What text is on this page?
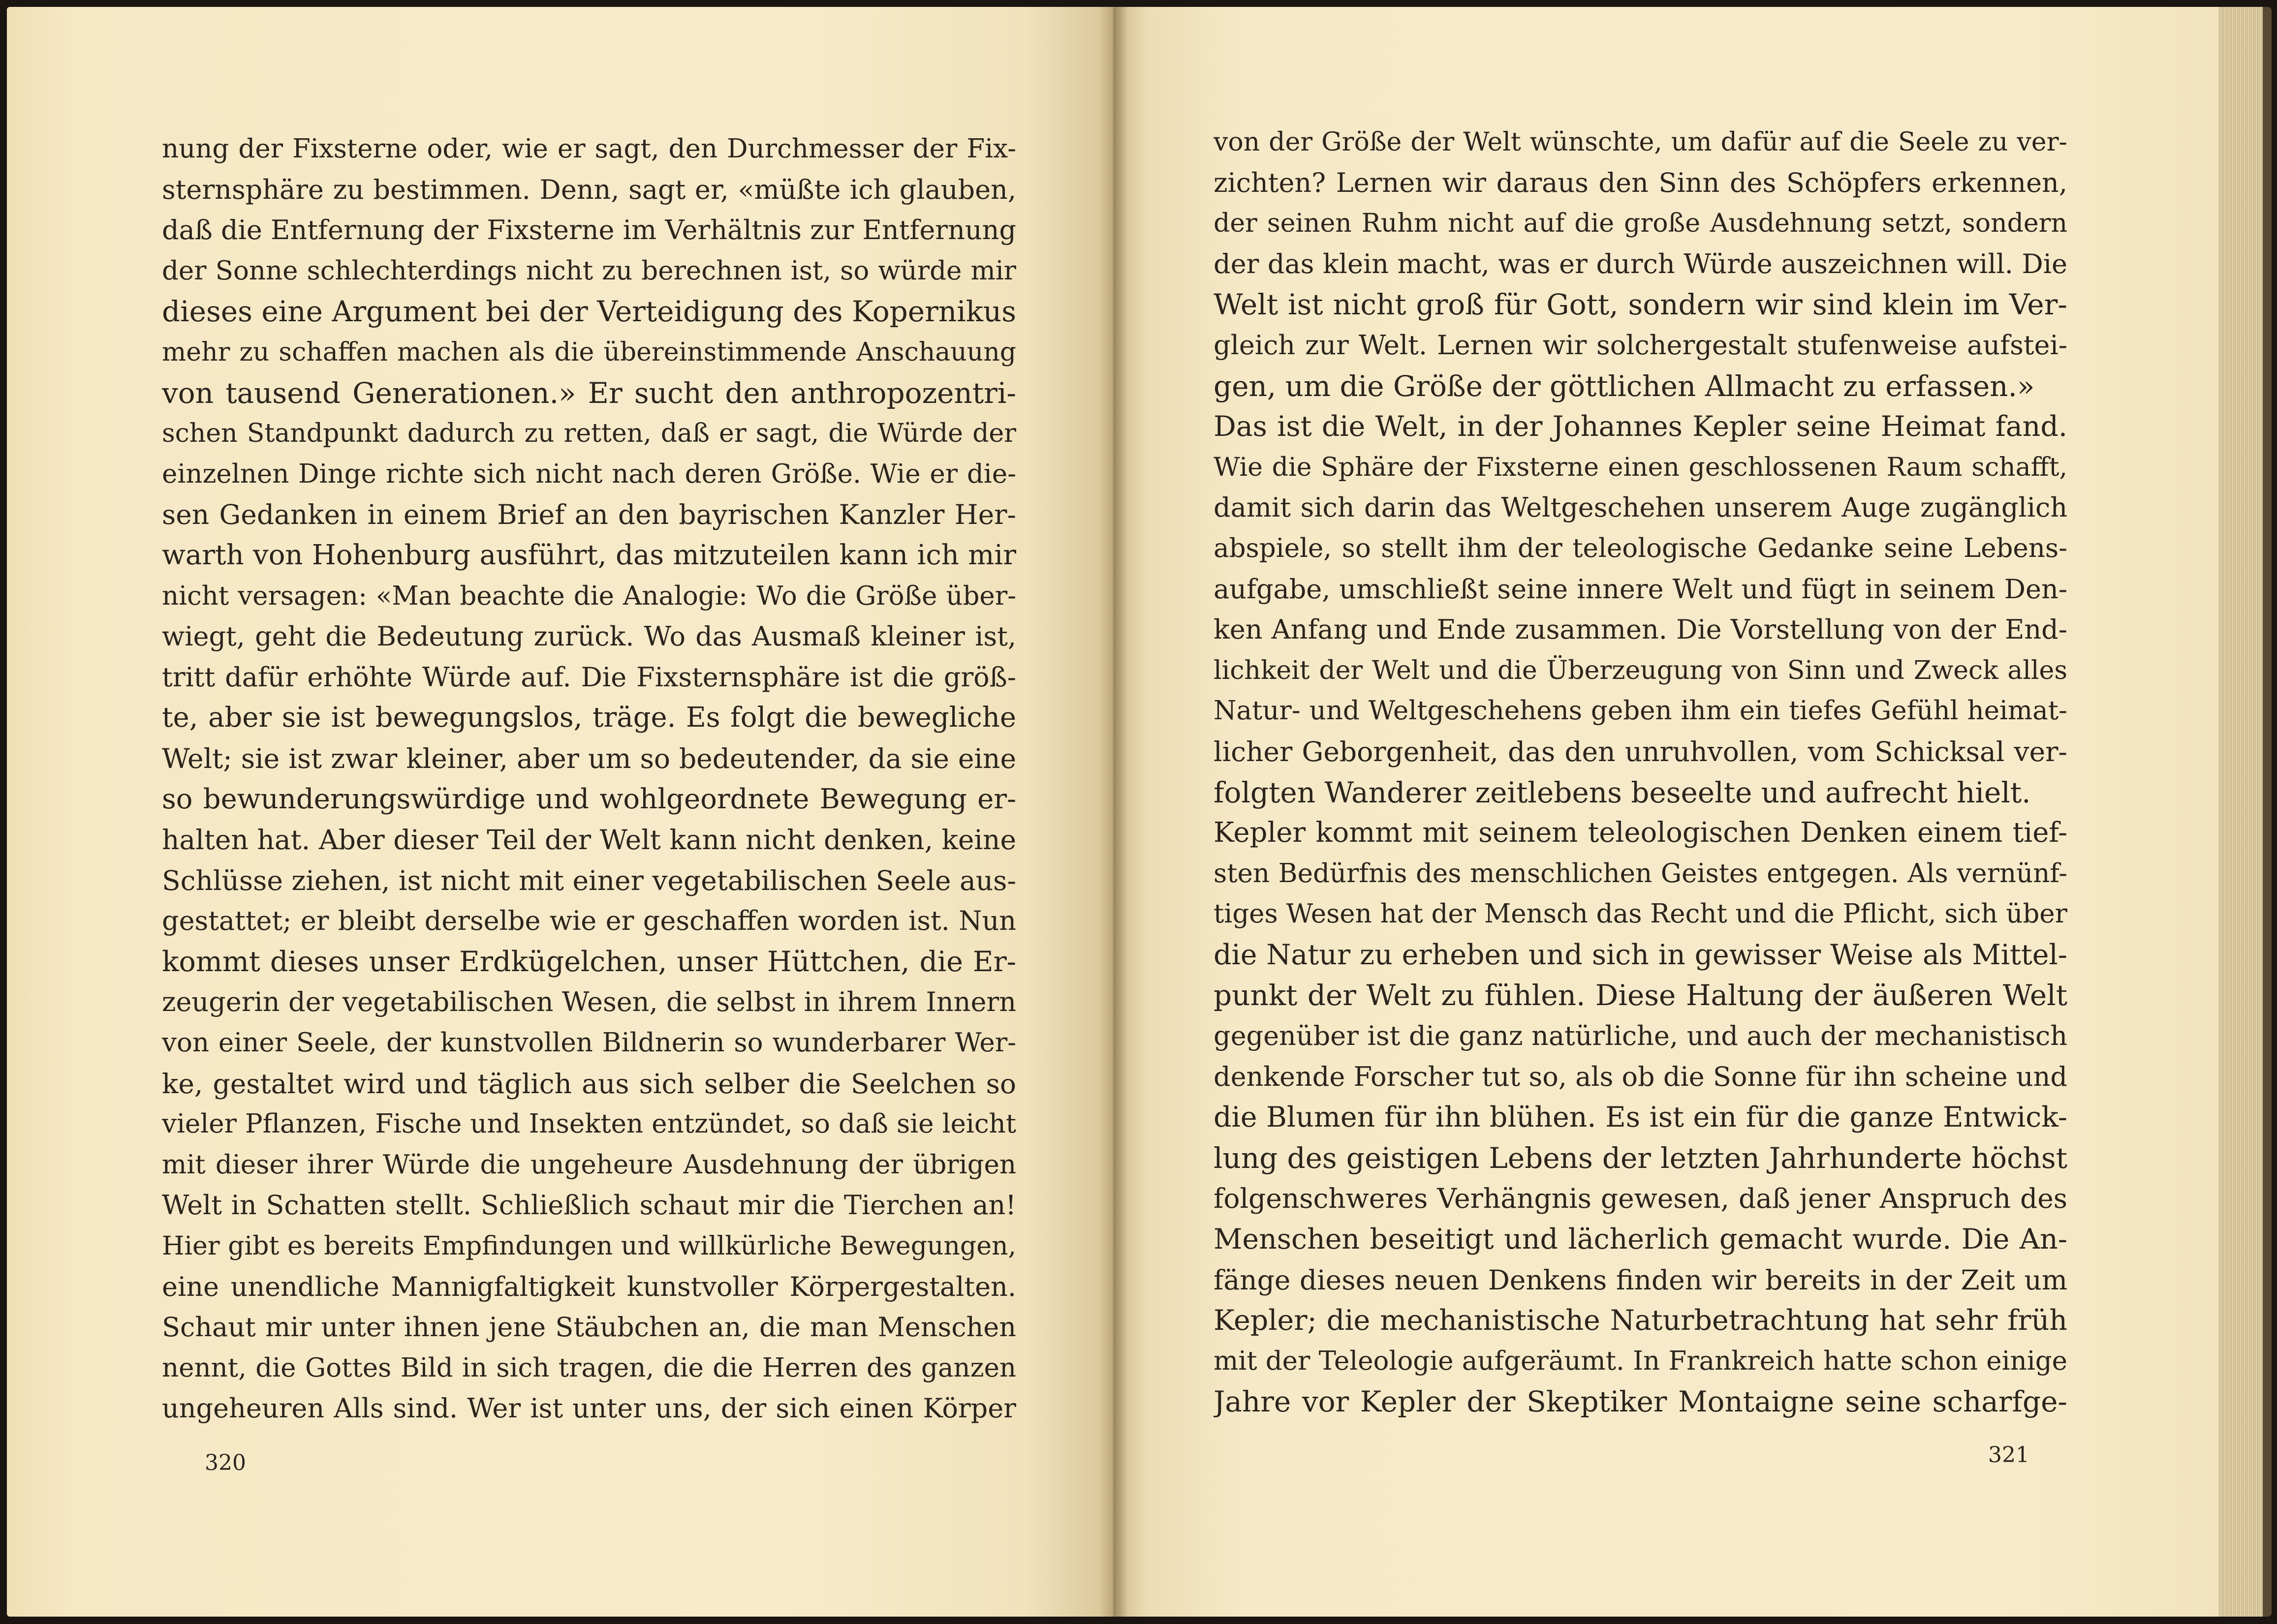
nung der Fixsterne oder, wie er sagt, den Durchmesser der Fix-
sternsphäre zu bestimmen. Denn, sagt er, «müßte ich glauben,
daß die Entfernung der Fixsterne im Verhältnis zur Entfernung
der Sonne schlechterdings nicht zu berechnen ist, so würde mir
dieses eine Argument bei der Verteidigung des Kopernikus
mehr zu schaffen machen als die übereinstimmende Anschauung
von tausend Generationen.» Er sucht den anthropozentri-
schen Standpunkt dadurch zu retten, daß er sagt, die Würde der
einzelnen Dinge richte sich nicht nach deren Größe. Wie er die-
sen Gedanken in einem Brief an den bayrischen Kanzler Her-
warth von Hohenburg ausführt, das mitzuteilen kann ich mir
nicht versagen: «Man beachte die Analogie: Wo die Größe über-
wiegt, geht die Bedeutung zurück. Wo das Ausmaß kleiner ist,
tritt dafür erhöhte Würde auf. Die Fixsternsphäre ist die größ-
te, aber sie ist bewegungslos, träge. Es folgt die bewegliche
Welt; sie ist zwar kleiner, aber um so bedeutender, da sie eine
so bewunderungswürdige und wohlgeordnete Bewegung er-
halten hat. Aber dieser Teil der Welt kann nicht denken, keine
Schlüsse ziehen, ist nicht mit einer vegetabilischen Seele aus-
gestattet; er bleibt derselbe wie er geschaffen worden ist. Nun
kommt dieses unser Erdkügelchen, unser Hüttchen, die Er-
zeugerin der vegetabilischen Wesen, die selbst in ihrem Innern
von einer Seele, der kunstvollen Bildnerin so wunderbarer Wer-
ke, gestaltet wird und täglich aus sich selber die Seelchen so
vieler Pflanzen, Fische und Insekten entzündet, so daß sie leicht
mit dieser ihrer Würde die ungeheure Ausdehnung der übrigen
Welt in Schatten stellt. Schließlich schaut mir die Tierchen an!
Hier gibt es bereits Empfindungen und willkürliche Bewegungen,
eine unendliche Mannigfaltigkeit kunstvoller Körpergestalten.
Schaut mir unter ihnen jene Stäubchen an, die man Menschen
nennt, die Gottes Bild in sich tragen, die die Herren des ganzen
ungeheuren Alls sind. Wer ist unter uns, der sich einen Körper
von der Größe der Welt wünschte, um dafür auf die Seele zu ver-
zichten? Lernen wir daraus den Sinn des Schöpfers erkennen,
der seinen Ruhm nicht auf die große Ausdehnung setzt, sondern
der das klein macht, was er durch Würde auszeichnen will. Die
Welt ist nicht groß für Gott, sondern wir sind klein im Ver-
gleich zur Welt. Lernen wir solchergestalt stufenweise aufstei-
gen, um die Größe der göttlichen Allmacht zu erfassen.»
Das ist die Welt, in der Johannes Kepler seine Heimat fand.
Wie die Sphäre der Fixsterne einen geschlossenen Raum schafft,
damit sich darin das Weltgeschehen unserem Auge zugänglich
abspiele, so stellt ihm der teleologische Gedanke seine Lebens-
aufgabe, umschließt seine innere Welt und fügt in seinem Den-
ken Anfang und Ende zusammen. Die Vorstellung von der End-
lichkeit der Welt und die Überzeugung von Sinn und Zweck alles
Natur- und Weltgeschehens geben ihm ein tiefes Gefühl heimat-
licher Geborgenheit, das den unruhvollen, vom Schicksal ver-
folgten Wanderer zeitlebens beseelte und aufrecht hielt.
Kepler kommt mit seinem teleologischen Denken einem tief-
sten Bedürfnis des menschlichen Geistes entgegen. Als vernünf-
tiges Wesen hat der Mensch das Recht und die Pflicht, sich über
die Natur zu erheben und sich in gewisser Weise als Mittel-
punkt der Welt zu fühlen. Diese Haltung der äußeren Welt
gegenüber ist die ganz natürliche, und auch der mechanistisch
denkende Forscher tut so, als ob die Sonne für ihn scheine und
die Blumen für ihn blühen. Es ist ein für die ganze Entwick-
lung des geistigen Lebens der letzten Jahrhunderte höchst
folgenschweres Verhängnis gewesen, daß jener Anspruch des
Menschen beseitigt und lächerlich gemacht wurde. Die An-
fänge dieses neuen Denkens finden wir bereits in der Zeit um
Kepler; die mechanistische Naturbetrachtung hat sehr früh
mit der Teleologie aufgeräumt. In Frankreich hatte schon einige
Jahre vor Kepler der Skeptiker Montaigne seine scharfge-
320	321
